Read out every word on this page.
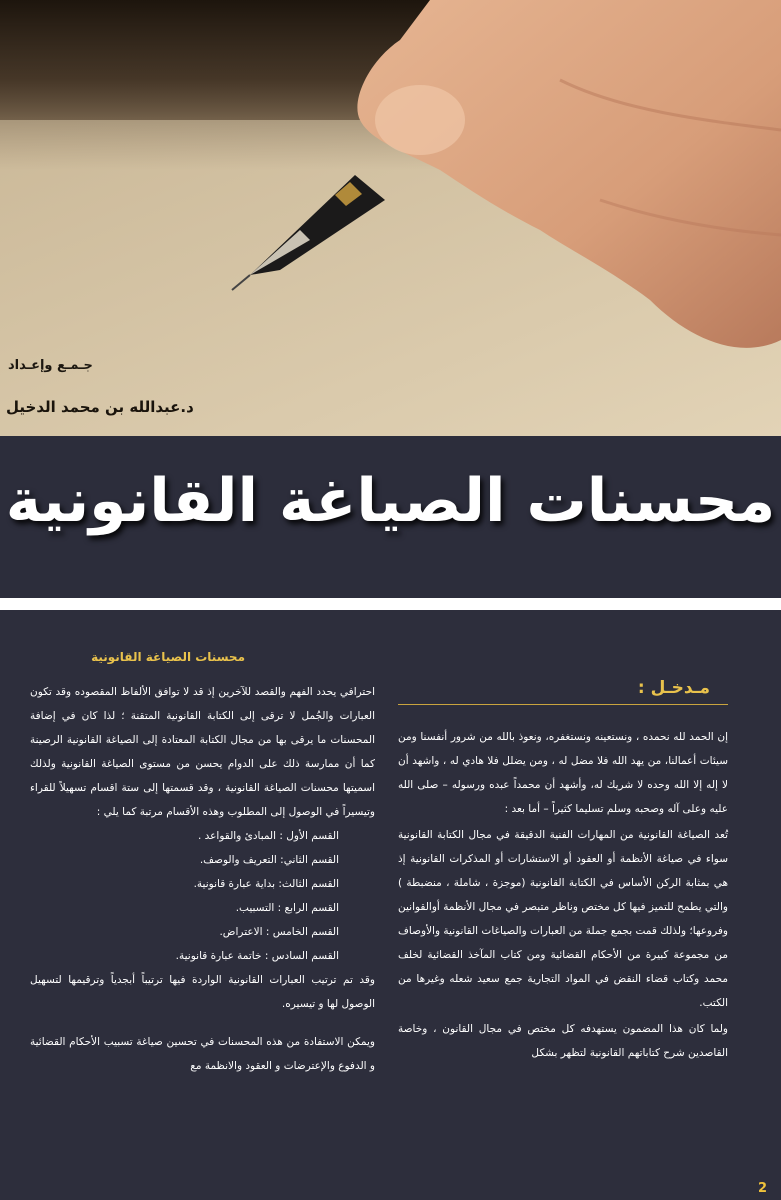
جـمـع وإعـداد
د.عبدالله بن محمد الدخيل
محسنات الصياغة القانونية
محسنات الصياغة القانونية

احترافي يحدد الفهم والقصد للآخرين إذ قد لا توافق الألفاظ المقصوده وقد تكون العبارات والجُمل لا ترقى إلى الكتابة القانونية المتقنة ؛ لذا كان في إضافة المحسنات ما يرقى بها من مجال الكتابة المعتادة إلى الصياغة القانونية الرصينة كما أن ممارسة ذلك على الدوام يحسن من مستوى الصياغة القانونية ولذلك اسميتها محسنات الصياغة القانونية ، وقد قسمتها إلى ستة اقسام تسهيلاً للقراء وتيسيراً في الوصول إلى المطلوب وهذه الأقسام مرتبة كما يلي :

القسم الأول : المبادئ والقواعد .
القسم الثاني: التعريف والوصف.
القسم الثالث: بداية عبارة قانونية.
القسم الرابع : التسبيب.
القسم الخامس : الاعتراض.
القسم السادس : خاتمة عبارة قانونية.

وقد تم ترتيب العبارات القانونية الواردة فيها ترتيباً أبجدياً وترقيمها لتسهيل الوصول لها و تيسيره.

ويمكن الاستفادة من هذه المحسنات في تحسين صياغة تسبيب الأحكام القضائية و الدفوع والإعترضات و العقود والانظمة مع

مـدخـل :

إن الحمد لله نحمده ، ونستعينه ونستغفره، ونعوذ بالله من شرور أنفسنا ومن سيئات أعمالنا، من يهد الله فلا مضل له ، ومن يضلل فلا هادي له ، واشهد أن لا إله إلا الله وحده لا شريك له، وأشهد أن محمداً عبده ورسوله – صلى الله عليه وعلى آله وصحبه وسلم تسليما كثيراً – أما بعد :

تُعد الصياغة القانونية من المهارات الفنية الدقيقة في مجال الكتابة القانونية سواء في صياغة الأنظمة أو العقود أو الاستشارات أو المذكرات القانونية إذ هي بمثابة الركن الأساس في الكتابة القانونية (موجزة ، شاملة ، منضبطة ) والتي يطمح للتميز فيها كل مختص وناظر متبصر في مجال الأنظمة أوالقوانين وفروعها؛ ولذلك قمت بجمع جملة من العبارات والصياغات القانونية والأوصاف من مجموعة كبيرة من الأحكام القضائية ومن كتاب المآخذ القضائية لخلف محمد وكتاب قضاء النقض في المواد التجارية جمع سعيد شعله وغيرها من الكتب.

ولما كان هذا المضمون يستهدفه كل مختص في مجال القانون ، وخاصة القاصدين شرح كتاباتهم القانونية لتظهر بشكل

2
